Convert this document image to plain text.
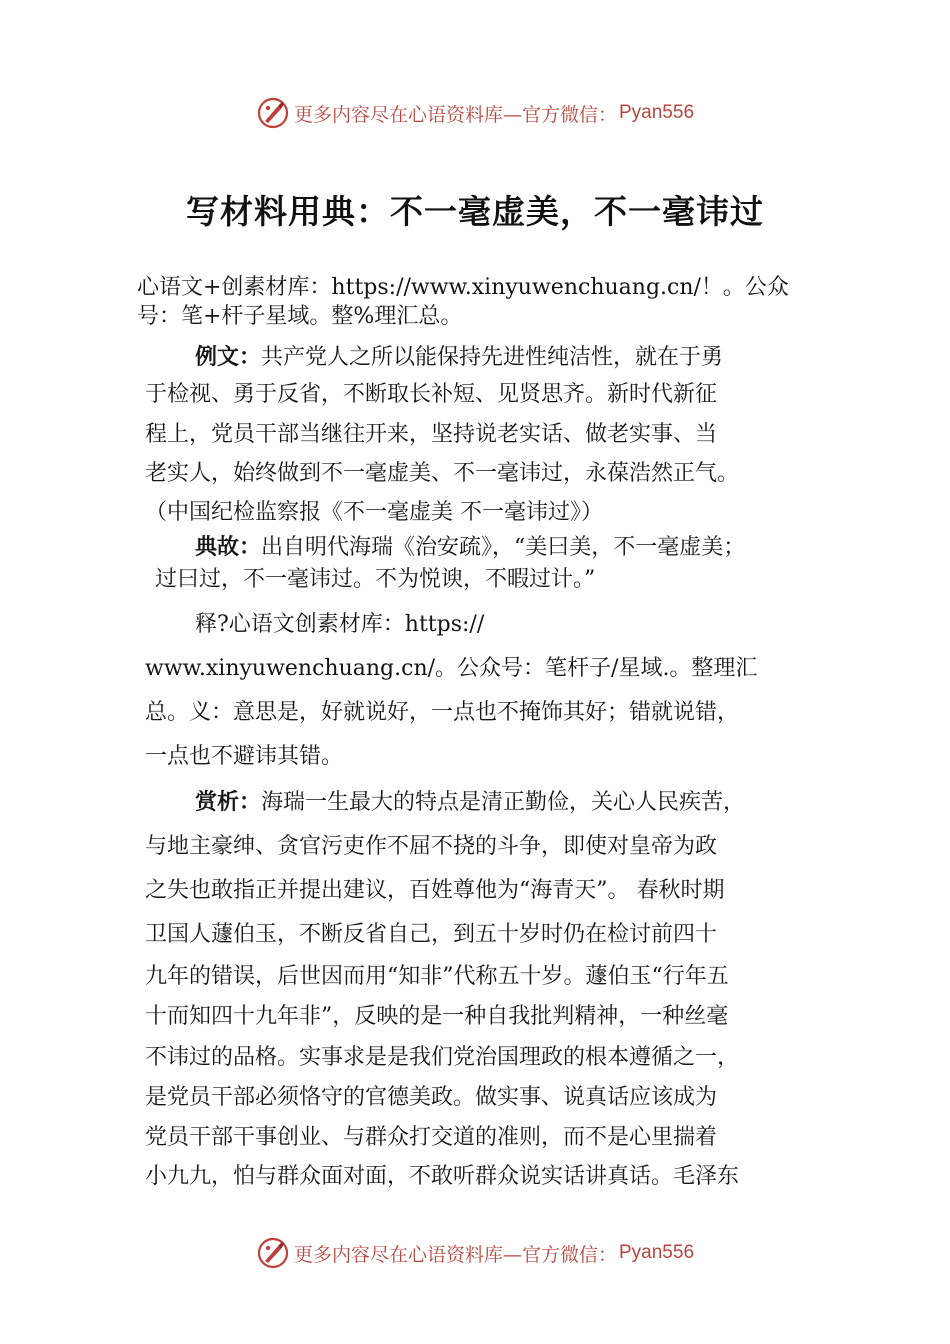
更多内容尽在心语资料库—官方微信： Pyan556
写材料用典：不一毫虚美，不一毫讳过
心语文+创素材库：https://www.xinyuwenchuang.cn/！。公众
号：笔+杆子星域。整%理汇总。
例文：共产党人之所以能保持先进性纯洁性，就在于勇
于检视、勇于反省，不断取长补短、见贤思齐。新时代新征
程上，党员干部当继往开来，坚持说老实话、做老实事、当
老实人，始终做到不一毫虚美、不一毫讳过，永葆浩然正气。
（中国纪检监察报《不一毫虚美 不一毫讳过》）
典故：出自明代海瑞《治安疏》，“美曰美，不一毫虚美；
过曰过，不一毫讳过。不为悦谀，不暇过计。”
释?心语文创素材库：https://
www.xinyuwenchuang.cn/。公众号：笔杆子/星域.。整理汇
总。义：意思是，好就说好，一点也不掩饰其好；错就说错，
一点也不避讳其错。
赏析：海瑞一生最大的特点是清正勤俭，关心人民疾苦，
与地主豪绅、贪官污吏作不屈不挠的斗争，即使对皇帝为政
之失也敢指正并提出建议，百姓尊他为“海青天”。 春秋时期
卫国人蘧伯玉，不断反省自己，到五十岁时仍在检讨前四十
九年的错误，后世因而用“知非”代称五十岁。蘧伯玉“行年五
十而知四十九年非”，反映的是一种自我批判精神，一种丝毫
不讳过的品格。实事求是是我们党治国理政的根本遵循之一，
是党员干部必须恪守的官德美政。做实事、说真话应该成为
党员干部干事创业、与群众打交道的准则，而不是心里揣着
小九九，怕与群众面对面，不敢听群众说实话讲真话。毛泽东
更多内容尽在心语资料库—官方微信： Pyan556
